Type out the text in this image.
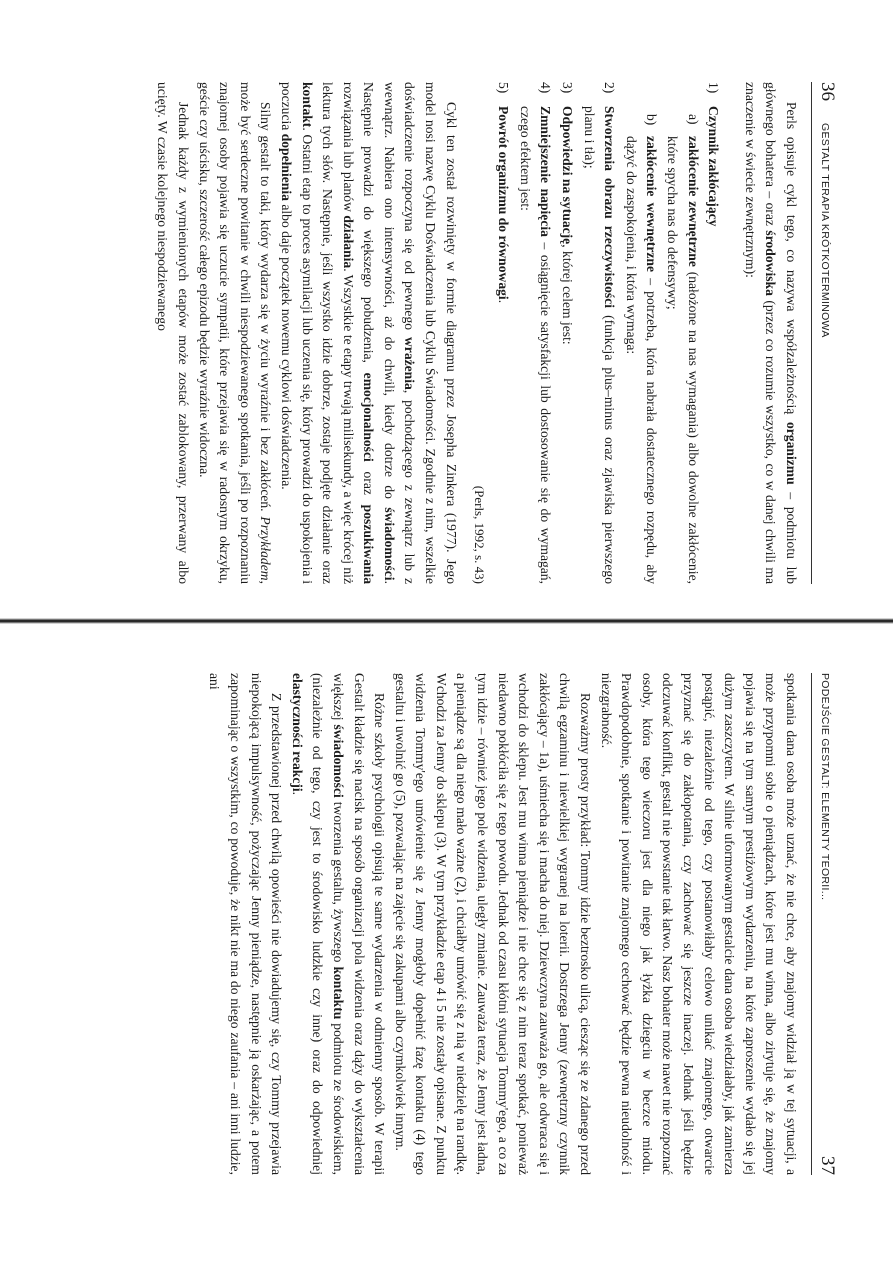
36
GESTALT TERAPIA KRÓTKOTERMINOWA

Perls opisuje cykl tego, co nazywa współzależnością organizmu – podmiotu lub głównego bohatera – oraz środowiska (przez co rozumie wszystko, co w danej chwili ma znaczenie w świecie zewnętrznym):

1)
Czynnik zakłócający
a)
zakłócenie zewnętrzne (nałożone na nas wymagania) albo dowolne zakłócenie, które spycha nas do defensywy;
b)
zakłócenie wewnętrzne – potrzeba, która nabrała dostatecznego rozpędu, aby dążyć do zaspokojenia, i która wymaga:
2)
Stworzenia obrazu rzeczywistości (funkcja plus–minus oraz zjawiska pierwszego planu i tła);
3)
Odpowiedzi na sytuację, której celem jest:
4)
Zmniejszenie napięcia – osiągnięcie satysfakcji lub dostosowanie się do wymagań, czego efektem jest:
5)
Powrót organizmu do równowagi.
(Perls, 1992, s. 43)

Cykl ten został rozwinięty w formie diagramu przez Josepha Zinkera (1977). Jego model nosi nazwę Cyklu Doświadczenia lub Cyklu Świadomości. Zgodnie z nim, wszelkie doświadczenie rozpoczyna się od pewnego wrażenia, pochodzącego z zewnątrz lub z wewnątrz. Nabiera ono intensywności, aż do chwili, kiedy dotrze do świadomości. Następnie prowadzi do większego pobudzenia, emocjonalności oraz poszukiwania rozwiązania lub planów działania. Wszystkie te etapy trwają milisekundy, a więc krócej niż lektura tych słów. Następnie, jeśli wszystko idzie dobrze, zostaje podjęte działanie oraz kontakt. Ostatni etap to proces asymilacji lub uczenia się, który prowadzi do uspokojenia i poczucia dopełnienia albo daje początek nowemu cyklowi doświadczenia.

Silny gestalt to taki, który wydarza się w życiu wyraźnie i bez zakłóceń. Przykładem, może być serdeczne powitanie w chwili niespodziewanego spotkania, jeśli po rozpoznaniu znajomej osoby pojawia się uczucie sympatii, które przejawia się w radosnym okrzyku, geście czy uścisku, szczerość całego epizodu będzie wyraźnie widoczna.

Jednak każdy z wymienionych etapów może zostać zablokowany, przerwany albo ucięty. W czasie kolejnego niespodziewanego

PODEJŚCIE GESTALT: ELEMENTY TEORII...
37

spotkania dana osoba może uznać, że nie chce, aby znajomy widział ją w tej sytuacji, a może przypomni sobie o pieniądzach, które jest mu winna, albo zirytuje się, że znajomy pojawia się na tym samym prestiżowym wydarzeniu, na które zaproszenie wydało się jej dużym zaszczytem. W silnie uformowanym gestalcie dana osoba wiedziałaby, jak zamierza postąpić, niezależnie od tego, czy postanowiłaby celowo unikać znajomego, otwarcie przyznać się do zakłopotania, czy zachować się jeszcze inaczej. Jednak jeśli będzie odczuwać konflikt, gestalt nie powstanie tak łatwo. Nasz bohater może nawet nie rozpoznać osoby, która tego wieczoru jest dla niego jak łyżka dziegciu w beczce miodu. Prawdopodobnie, spotkanie i powitanie znajomego cechować będzie pewna nieudolność i niezgrabność.

Rozważmy prosty przykład: Tommy idzie beztrosko ulicą, ciesząc się ze zdanego przed chwilą egzaminu i niewielkiej wygranej na loterii. Dostrzega Jenny (zewnętrzny czynnik zakłócający – 1a), uśmiecha się i macha do niej. Dziewczyna zauważa go, ale odwraca się i wchodzi do sklepu. Jest mu winna pieniądze i nie chce się z nim teraz spotkać, ponieważ niedawno pokłóciła się z tego powodu. Jednak od czasu kłótni sytuacja Tommy'ego, a co za tym idzie – również jego pole widzenia, uległy zmianie. Zauważa teraz, że Jenny jest ładna, a pieniądze są dla niego mało ważne (2), i chciałby umówić się z nią w niedzielę na randkę. Wchodzi za Jenny do sklepu (3). W tym przykładzie etap 4 i 5 nie zostały opisane. Z punktu widzenia Tommy'ego umówienie się z Jenny mogłoby dopełnić fazę kontaktu (4) tego gestaltu i uwolnić go (5), pozwalając na zajęcie się zakupami albo czymkolwiek innym.

Różne szkoły psychologii opisują te same wydarzenia w odmienny sposób. W terapii Gestalt kładzie się nacisk na sposób organizacji pola widzenia oraz dąży do wykształcenia większej świadomości tworzenia gestaltu, żywszego kontaktu podmiotu ze środowiskiem, (niezależnie od tego, czy jest to środowisko ludzkie czy inne) oraz do odpowiedniej elastyczności reakcji.

Z przedstawionej przed chwilą opowieści nie dowiadujemy się, czy Tommy przejawia niepokojącą impulsywność, pożyczając Jenny pieniądze, następnie ją oskarżając, a potem zapominając o wszystkim, co powoduje, że nikt nie ma do niego zaufania – ani inni ludzie, ani
